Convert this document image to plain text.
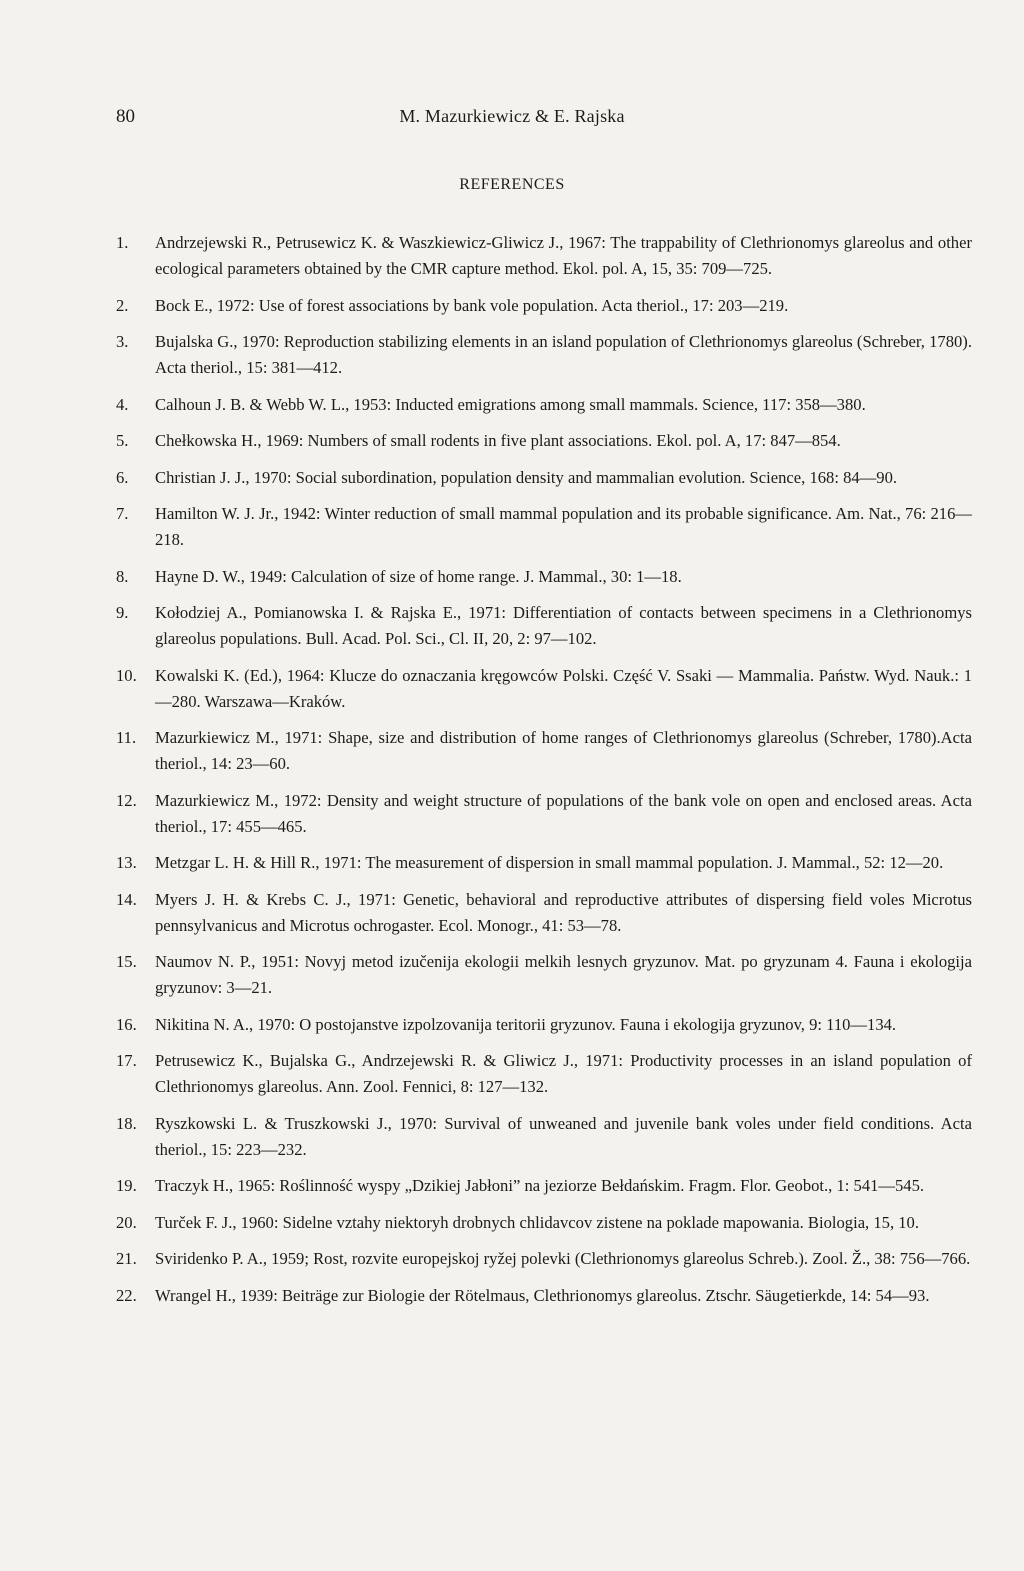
80	M. Mazurkiewicz & E. Rajska
REFERENCES
1.	Andrzejewski R., Petrusewicz K. & Waszkiewicz-Gliwicz J., 1967: The trappability of Clethrionomys glareolus and other ecological parameters obtained by the CMR capture method. Ekol. pol. A, 15, 35: 709—725.
2.	Bock E., 1972: Use of forest associations by bank vole population. Acta theriol., 17: 203—219.
3.	Bujalska G., 1970: Reproduction stabilizing elements in an island population of Clethrionomys glareolus (Schreber, 1780). Acta theriol., 15: 381—412.
4.	Calhoun J. B. & Webb W. L., 1953: Inducted emigrations among small mammals. Science, 117: 358—380.
5.	Chełkowska H., 1969: Numbers of small rodents in five plant associations. Ekol. pol. A, 17: 847—854.
6.	Christian J. J., 1970: Social subordination, population density and mammalian evolution. Science, 168: 84—90.
7.	Hamilton W. J. Jr., 1942: Winter reduction of small mammal population and its probable significance. Am. Nat., 76: 216—218.
8.	Hayne D. W., 1949: Calculation of size of home range. J. Mammal., 30: 1—18.
9.	Kołodziej A., Pomianowska I. & Rajska E., 1971: Differentiation of contacts between specimens in a Clethrionomys glareolus populations. Bull. Acad. Pol. Sci., Cl. II, 20, 2: 97—102.
10.	Kowalski K. (Ed.), 1964: Klucze do oznaczania kręgowców Polski. Część V. Ssaki — Mammalia. Państw. Wyd. Nauk.: 1—280. Warszawa—Kraków.
11.	Mazurkiewicz M., 1971: Shape, size and distribution of home ranges of Clethrionomys glareolus (Schreber, 1780).Acta theriol., 14: 23—60.
12.	Mazurkiewicz M., 1972: Density and weight structure of populations of the bank vole on open and enclosed areas. Acta theriol., 17: 455—465.
13.	Metzgar L. H. & Hill R., 1971: The measurement of dispersion in small mammal population. J. Mammal., 52: 12—20.
14.	Myers J. H. & Krebs C. J., 1971: Genetic, behavioral and reproductive attributes of dispersing field voles Microtus pennsylvanicus and Microtus ochrogaster. Ecol. Monogr., 41: 53—78.
15.	Naumov N. P., 1951: Novyj metod izučenija ekologii melkih lesnych gryzunov. Mat. po gryzunam 4. Fauna i ekologija gryzunov: 3—21.
16.	Nikitina N. A., 1970: O postojanstve izpolzovanija teritorii gryzunov. Fauna i ekologija gryzunov, 9: 110—134.
17.	Petrusewicz K., Bujalska G., Andrzejewski R. & Gliwicz J., 1971: Productivity processes in an island population of Clethrionomys glareolus. Ann. Zool. Fennici, 8: 127—132.
18.	Ryszkowski L. & Truszkowski J., 1970: Survival of unweaned and juvenile bank voles under field conditions. Acta theriol., 15: 223—232.
19.	Traczyk H., 1965: Roślinność wyspy „Dzikiej Jabłoni” na jeziorze Bełdańskim. Fragm. Flor. Geobot., 1: 541—545.
20.	Turček F. J., 1960: Sidelne vztahy niektoryh drobnych chlidavcov zistene na poklade mapowania. Biologia, 15, 10.
21.	Sviridenko P. A., 1959; Rost, rozvite europejskoj ryžej polevki (Clethrionomys glareolus Schreb.). Zool. Ž., 38: 756—766.
22.	Wrangel H., 1939: Beiträge zur Biologie der Rötelmaus, Clethrionomys glareolus. Ztschr. Säugetierkde, 14: 54—93.
